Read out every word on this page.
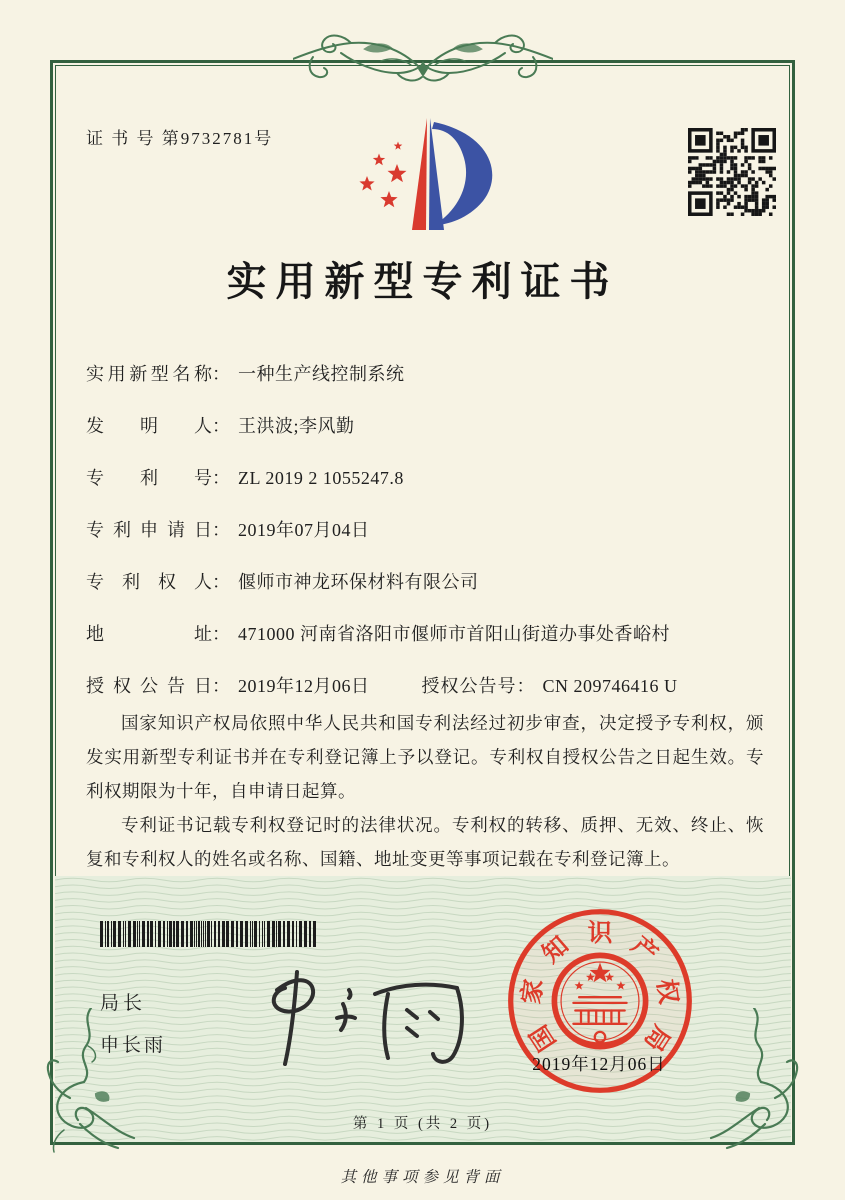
证 书 号 第9732781号
实用新型专利证书
实用新型名称 ： 一种生产线控制系统
发明人 ： 王洪波;李风勤
专利号 ： ZL 2019 2 1055247.8
专利申请日 ： 2019年07月04日
专利权人 ： 偃师市神龙环保材料有限公司
地址 ： 471000 河南省洛阳市偃师市首阳山街道办事处香峪村
授权公告日 ： 2019年12月06日	授权公告号 ： CN 209746416 U

国家知识产权局依照中华人民共和国专利法经过初步审查，决定授予专利权，颁发实用新型专利证书并在专利登记簿上予以登记。专利权自授权公告之日起生效。专利权期限为十年，自申请日起算。

专利证书记载专利权登记时的法律状况。专利权的转移、质押、无效、终止、恢复和专利权人的姓名或名称、国籍、地址变更等事项记载在专利登记簿上。

局长
申长雨	国
家
知 识 产
权
局
2019年12月06日
第 1 页 (共 2 页)
其他事项参见背面
